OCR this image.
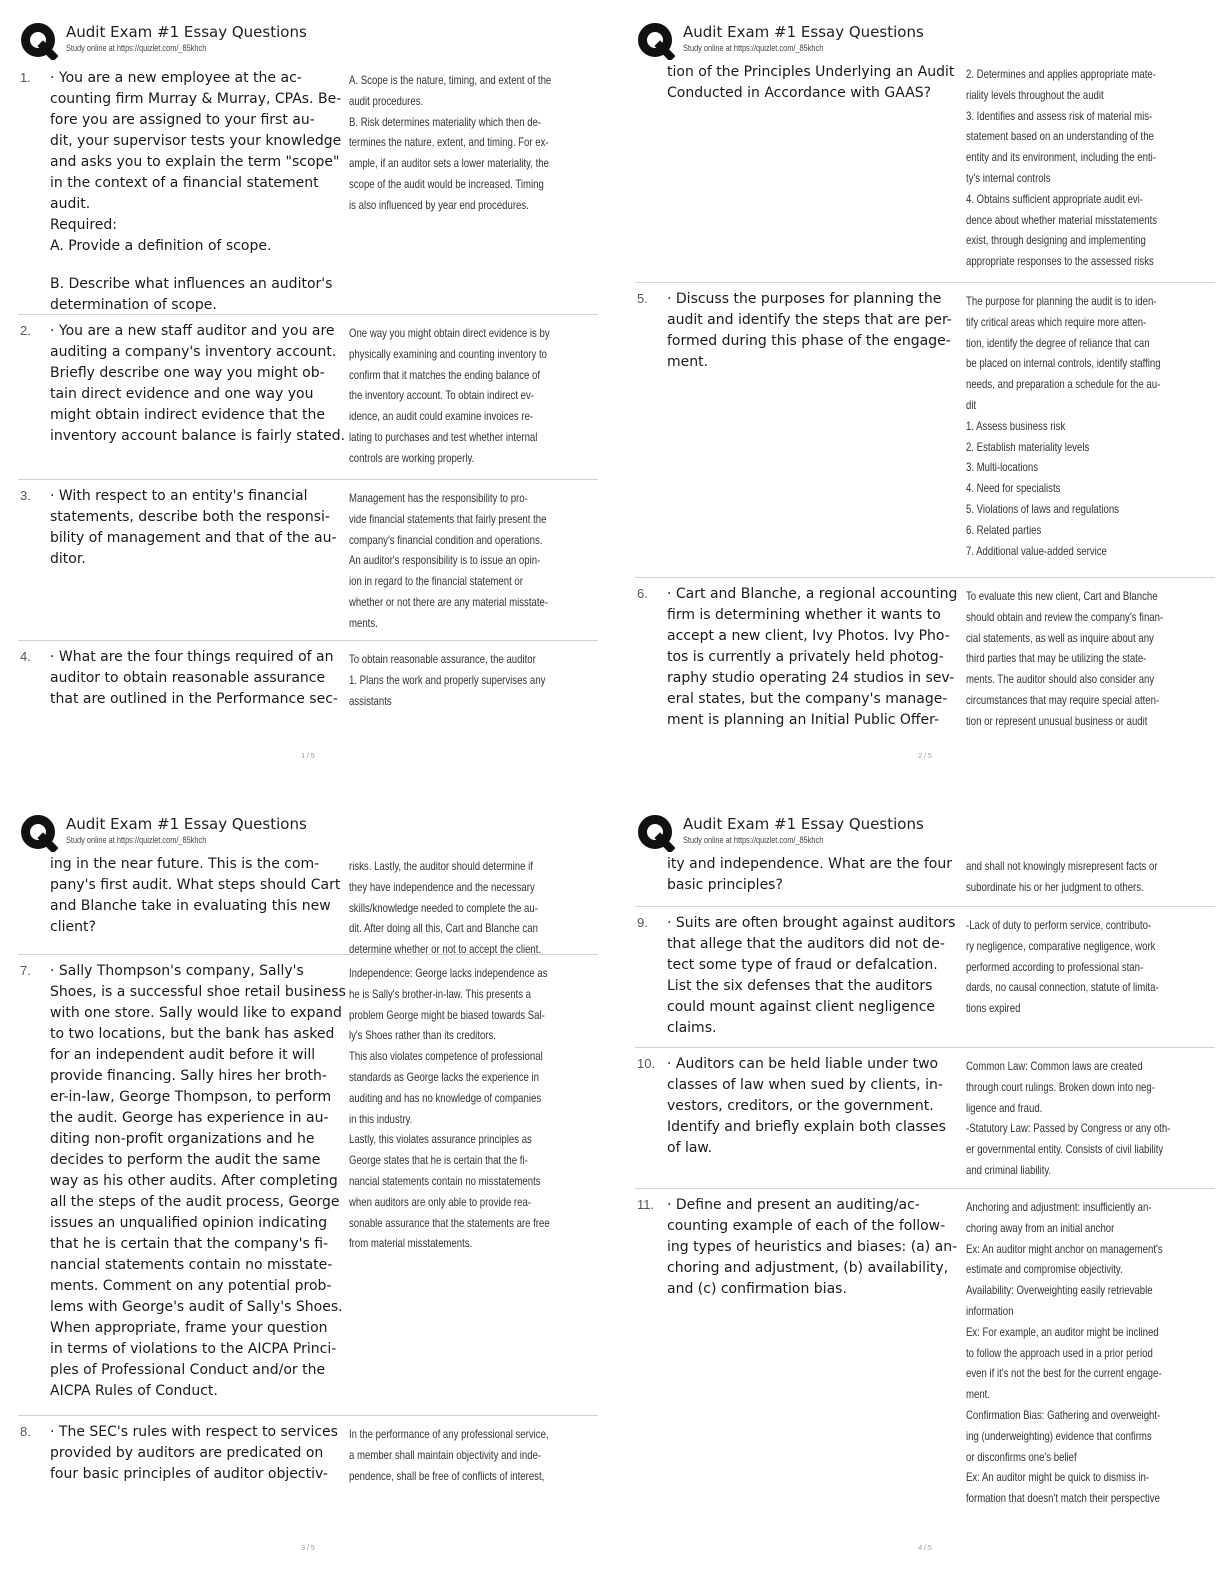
Audit Exam #1 Essay Questions
Study online at https://quizlet.com/_85khch
1. · You are a new employee at the ac-
counting firm Murray & Murray, CPAs. Be-
fore you are assigned to your first au-
dit, your supervisor tests your knowledge
and asks you to explain the term "scope"
in the context of a financial statement
audit.
Required:
A. Provide a definition of scope.
B. Describe what influences an auditor's
determination of scope.
A. Scope is the nature, timing, and extent of the
audit procedures.
B. Risk determines materiality which then de-
termines the nature, extent, and timing. For ex-
ample, if an auditor sets a lower materiality, the
scope of the audit would be increased. Timing
is also influenced by year end procedures.
2. · You are a new staff auditor and you are
auditing a company's inventory account.
Briefly describe one way you might ob-
tain direct evidence and one way you
might obtain indirect evidence that the
inventory account balance is fairly stated.
One way you might obtain direct evidence is by
physically examining and counting inventory to
confirm that it matches the ending balance of
the inventory account. To obtain indirect ev-
idence, an audit could examine invoices re-
lating to purchases and test whether internal
controls are working properly.
3. · With respect to an entity's financial
statements, describe both the responsi-
bility of management and that of the au-
ditor.
Management has the responsibility to pro-
vide financial statements that fairly present the
company's financial condition and operations.
An auditor's responsibility is to issue an opin-
ion in regard to the financial statement or
whether or not there are any material misstate-
ments.
4. · What are the four things required of an
auditor to obtain reasonable assurance
that are outlined in the Performance sec-
To obtain reasonable assurance, the auditor
1. Plans the work and properly supervises any
assistants
1 / 5
Audit Exam #1 Essay Questions
Study online at https://quizlet.com/_85khch
tion of the Principles Underlying an Audit
Conducted in Accordance with GAAS?
2. Determines and applies appropriate mate-
riality levels throughout the audit
3. Identifies and assess risk of material mis-
statement based on an understanding of the
entity and its environment, including the enti-
ty's internal controls
4. Obtains sufficient appropriate audit evi-
dence about whether material misstatements
exist, through designing and implementing
appropriate responses to the assessed risks
5. · Discuss the purposes for planning the
audit and identify the steps that are per-
formed during this phase of the engage-
ment.
The purpose for planning the audit is to iden-
tify critical areas which require more atten-
tion, identify the degree of reliance that can
be placed on internal controls, identify staffing
needs, and preparation a schedule for the au-
dit
1. Assess business risk
2. Establish materiality levels
3. Multi-locations
4. Need for specialists
5. Violations of laws and regulations
6. Related parties
7. Additional value-added service
6. · Cart and Blanche, a regional accounting
firm is determining whether it wants to
accept a new client, Ivy Photos. Ivy Pho-
tos is currently a privately held photog-
raphy studio operating 24 studios in sev-
eral states, but the company's manage-
ment is planning an Initial Public Offer-
To evaluate this new client, Cart and Blanche
should obtain and review the company's finan-
cial statements, as well as inquire about any
third parties that may be utilizing the state-
ments. The auditor should also consider any
circumstances that may require special atten-
tion or represent unusual business or audit
2 / 5
Audit Exam #1 Essay Questions
Study online at https://quizlet.com/_85khch
ing in the near future. This is the com-
pany's first audit. What steps should Cart
and Blanche take in evaluating this new
client?
risks. Lastly, the auditor should determine if
they have independence and the necessary
skills/knowledge needed to complete the au-
dit. After doing all this, Cart and Blanche can
determine whether or not to accept the client.
7. · Sally Thompson's company, Sally's
Shoes, is a successful shoe retail business
with one store. Sally would like to expand
to two locations, but the bank has asked
for an independent audit before it will
provide financing. Sally hires her broth-
er-in-law, George Thompson, to perform
the audit. George has experience in au-
diting non-profit organizations and he
decides to perform the audit the same
way as his other audits. After completing
all the steps of the audit process, George
issues an unqualified opinion indicating
that he is certain that the company's fi-
nancial statements contain no misstate-
ments. Comment on any potential prob-
lems with George's audit of Sally's Shoes.
When appropriate, frame your question
in terms of violations to the AICPA Princi-
ples of Professional Conduct and/or the
AICPA Rules of Conduct.
Independence: George lacks independence as
he is Sally's brother-in-law. This presents a
problem George might be biased towards Sal-
ly's Shoes rather than its creditors.
This also violates competence of professional
standards as George lacks the experience in
auditing and has no knowledge of companies
in this industry.
Lastly, this violates assurance principles as
George states that he is certain that the fi-
nancial statements contain no misstatements
when auditors are only able to provide rea-
sonable assurance that the statements are free
from material misstatements.
8. · The SEC's rules with respect to services
provided by auditors are predicated on
four basic principles of auditor objectiv-
In the performance of any professional service,
a member shall maintain objectivity and inde-
pendence, shall be free of conflicts of interest,
3 / 5
Audit Exam #1 Essay Questions
Study online at https://quizlet.com/_85khch
ity and independence. What are the four
basic principles?
and shall not knowingly misrepresent facts or
subordinate his or her judgment to others.
9. · Suits are often brought against auditors
that allege that the auditors did not de-
tect some type of fraud or defalcation.
List the six defenses that the auditors
could mount against client negligence
claims.
-Lack of duty to perform service, contributo-
ry negligence, comparative negligence, work
performed according to professional stan-
dards, no causal connection, statute of limita-
tions expired
10. · Auditors can be held liable under two
classes of law when sued by clients, in-
vestors, creditors, or the government.
Identify and briefly explain both classes
of law.
Common Law: Common laws are created
through court rulings. Broken down into neg-
ligence and fraud.
-Statutory Law: Passed by Congress or any oth-
er governmental entity. Consists of civil liability
and criminal liability.
11. · Define and present an auditing/ac-
counting example of each of the follow-
ing types of heuristics and biases: (a) an-
choring and adjustment, (b) availability,
and (c) confirmation bias.
Anchoring and adjustment: insufficiently an-
choring away from an initial anchor
Ex: An auditor might anchor on management's
estimate and compromise objectivity.
Availability: Overweighting easily retrievable
information
Ex: For example, an auditor might be inclined
to follow the approach used in a prior period
even if it's not the best for the current engage-
ment.
Confirmation Bias: Gathering and overweight-
ing (underweighting) evidence that confirms
or disconfirms one's belief
Ex: An auditor might be quick to dismiss in-
formation that doesn't match their perspective
4 / 5
